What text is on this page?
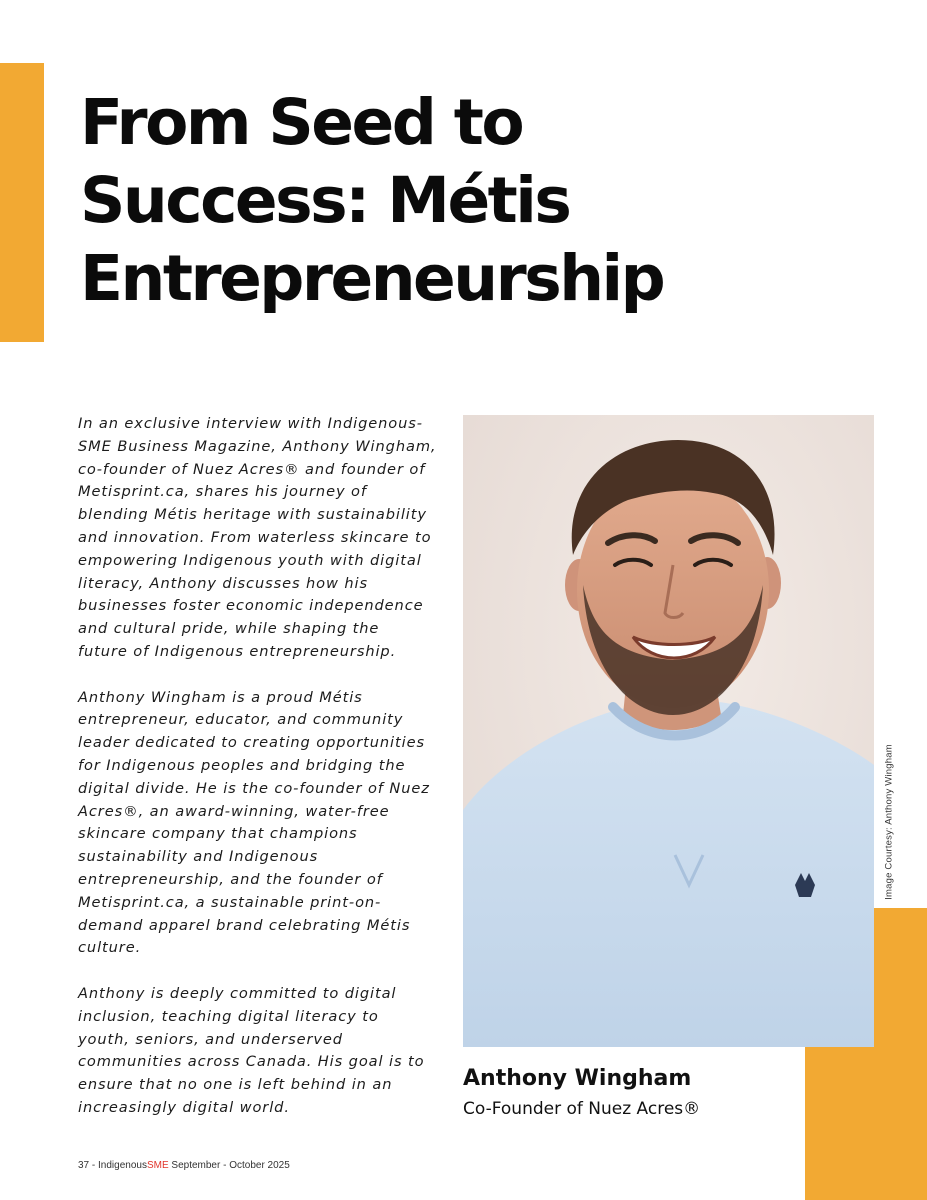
From Seed to
Success: Métis
Entrepreneurship

In an exclusive interview with Indigenous-
SME Business Magazine, Anthony Wingham,
co-founder of Nuez Acres® and founder of
Metisprint.ca, shares his journey of
blending Métis heritage with sustainability
and innovation. From waterless skincare to
empowering Indigenous youth with digital
literacy, Anthony discusses how his
businesses foster economic independence
and cultural pride, while shaping the
future of Indigenous entrepreneurship.

Anthony Wingham is a proud Métis
entrepreneur, educator, and community
leader dedicated to creating opportunities
for Indigenous peoples and bridging the
digital divide. He is the co-founder of Nuez
Acres®, an award-winning, water-free
skincare company that champions
sustainability and Indigenous
entrepreneurship, and the founder of
Metisprint.ca, a sustainable print-on-
demand apparel brand celebrating Métis
culture.

Anthony is deeply committed to digital
inclusion, teaching digital literacy to
youth, seniors, and underserved
communities across Canada. His goal is to
ensure that no one is left behind in an
increasingly digital world.

Image Courtesy: Anthony Wingham

Anthony Wingham

Co-Founder of Nuez Acres®

37 - IndigenousSME September - October 2025
